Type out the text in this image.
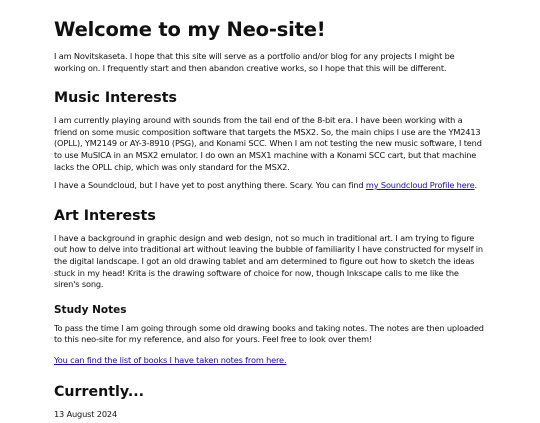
Welcome to my Neo-site!

I am Novitskaseta. I hope that this site will serve as a portfolio and/or blog for any projects I might be working on. I frequently start and then abandon creative works, so I hope that this will be different.

Music Interests

I am currently playing around with sounds from the tail end of the 8-bit era. I have been working with a friend on some music composition software that targets the MSX2. So, the main chips I use are the YM2413 (OPLL), YM2149 or AY-3-8910 (PSG), and Konami SCC. When I am not testing the new music software, I tend to use MuSICA in an MSX2 emulator. I do own an MSX1 machine with a Konami SCC cart, but that machine lacks the OPLL chip, which was only standard for the MSX2.

I have a Soundcloud, but I have yet to post anything there. Scary. You can find my Soundcloud Profile here.

Art Interests

I have a background in graphic design and web design, not so much in traditional art. I am trying to figure out how to delve into traditional art without leaving the bubble of familiarity I have constructed for myself in the digital landscape. I got an old drawing tablet and am determined to figure out how to sketch the ideas stuck in my head! Krita is the drawing software of choice for now, though Inkscape calls to me like the siren's song.

Study Notes

To pass the time I am going through some old drawing books and taking notes. The notes are then uploaded to this neo-site for my reference, and also for yours. Feel free to look over them!

You can find the list of books I have taken notes from here.

Currently...

13 August 2024
